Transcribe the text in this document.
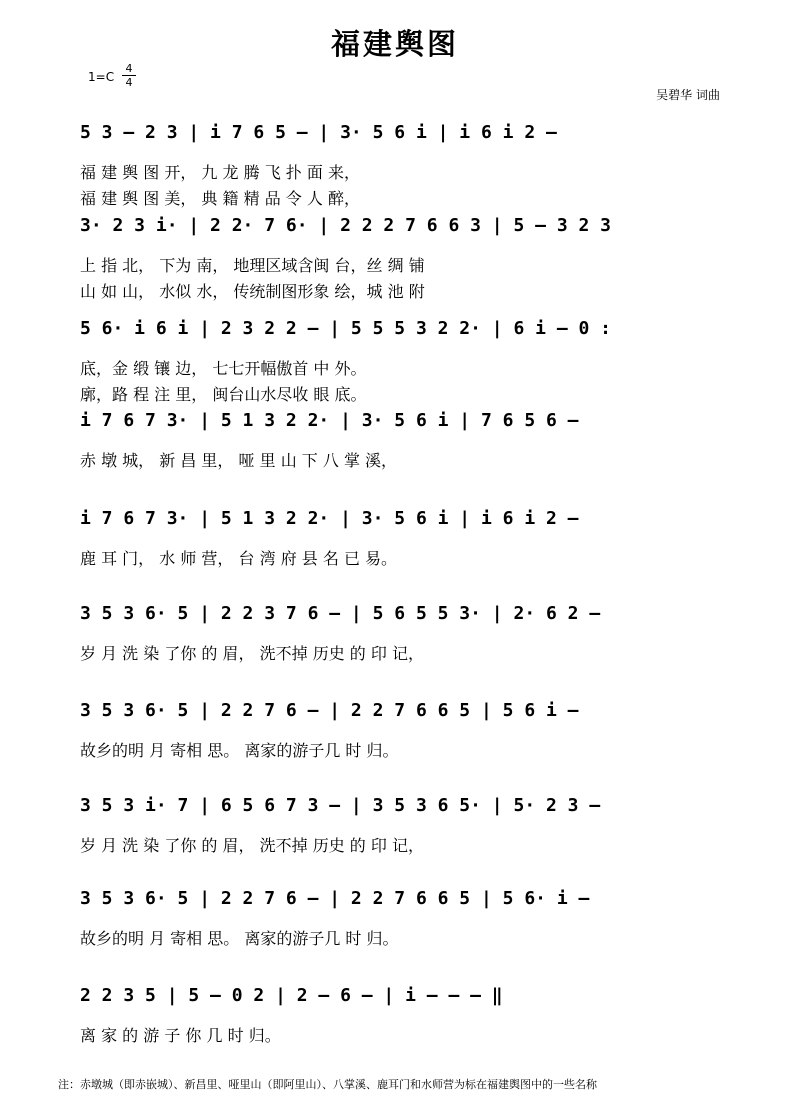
福建舆图
1=C
4
4
吴碧华 词曲
5 3 – 2 3 | i 7 6 5 – | 3· 5 6 i | i 6 i 2 –
福 建 舆 图 开， 九 龙 腾 飞 扑 面 来，
福 建 舆 图 美， 典 籍 精 品 令 人 醉，
3· 2 3 i· | 2 2· 7 6· | 2 2 2 7 6 6 3 | 5 – 3 2 3
上 指 北， 下为 南， 地理区域含闽 台，丝 绸 铺
山 如 山， 水似 水， 传统制图形象 绘，城 池 附
5 6· i 6 i | 2 3 2 2 – | 5 5 5 3 2 2· | 6 i – 0 :
底，金 缎 镶 边， 七七开幅傲首 中 外。
廓，路 程 注 里， 闽台山水尽收 眼 底。
i 7 6 7 3· | 5 1 3 2 2· | 3· 5 6 i | 7 6 5 6 –
赤 墩 城， 新 昌 里， 哑 里 山 下 八 掌 溪，
i 7 6 7 3· | 5 1 3 2 2· | 3· 5 6 i | i 6 i 2 –
鹿 耳 门， 水 师 营， 台 湾 府 县 名 已 易。
3 5 3 6· 5 | 2 2 3 7 6 – | 5 6 5 5 3· | 2· 6 2 –
岁 月 洗 染 了你 的 眉， 洗不掉 历史 的 印 记，
3 5 3 6· 5 | 2 2 7 6 – | 2 2 7 6 6 5 | 5 6 i –
故乡的明 月 寄相 思。 离家的游子几 时 归。
3 5 3 i· 7 | 6 5 6 7 3 – | 3 5 3 6 5· | 5· 2 3 –
岁 月 洗 染 了你 的 眉， 洗不掉 历史 的 印 记，
3 5 3 6· 5 | 2 2 7 6 – | 2 2 7 6 6 5 | 5 6· i –
故乡的明 月 寄相 思。 离家的游子几 时 归。
2 2 3 5 | 5 – 0 2 | 2 – 6 – | i – – – ‖
离 家 的 游 子 你 几 时 归。
注：赤墩城（即赤嵌城）、新昌里、哑里山（即阿里山）、八掌溪、鹿耳门和水师营为标在福建舆图中的一些名称
